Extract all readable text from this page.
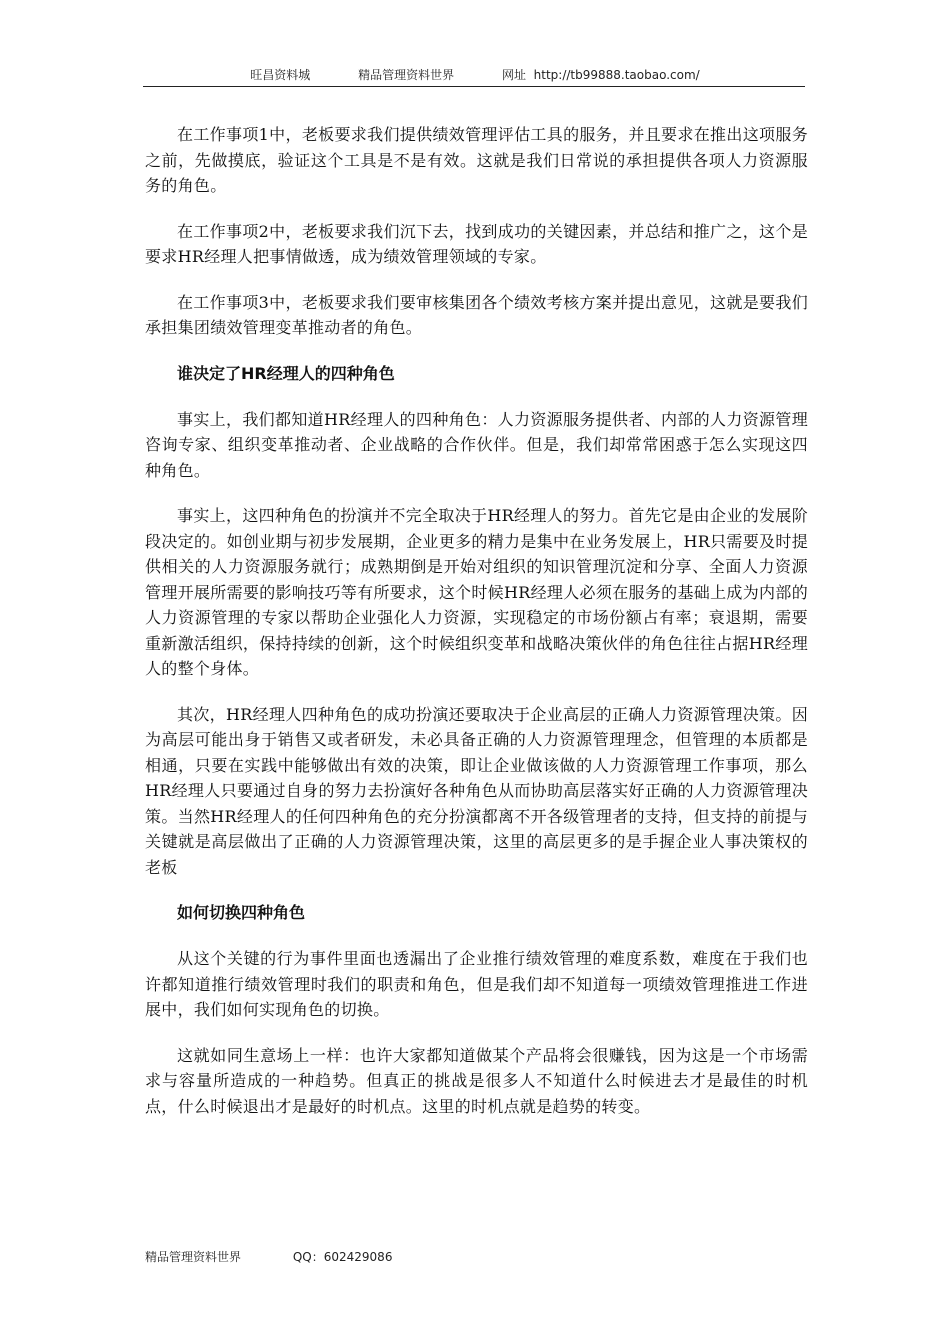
旺昌资料城	精品管理资料世界	网址 http://tb99888.taobao.com/

在工作事项1中，老板要求我们提供绩效管理评估工具的服务，并且要求在推出这项服务之前，先做摸底，验证这个工具是不是有效。这就是我们日常说的承担提供各项人力资源服务的角色。

在工作事项2中，老板要求我们沉下去，找到成功的关键因素，并总结和推广之，这个是要求HR经理人把事情做透，成为绩效管理领域的专家。

在工作事项3中，老板要求我们要审核集团各个绩效考核方案并提出意见，这就是要我们承担集团绩效管理变革推动者的角色。

谁决定了HR经理人的四种角色

事实上，我们都知道HR经理人的四种角色：人力资源服务提供者、内部的人力资源管理咨询专家、组织变革推动者、企业战略的合作伙伴。但是，我们却常常困惑于怎么实现这四种角色。

事实上，这四种角色的扮演并不完全取决于HR经理人的努力。首先它是由企业的发展阶段决定的。如创业期与初步发展期，企业更多的精力是集中在业务发展上，HR只需要及时提供相关的人力资源服务就行；成熟期倒是开始对组织的知识管理沉淀和分享、全面人力资源管理开展所需要的影响技巧等有所要求，这个时候HR经理人必须在服务的基础上成为内部的人力资源管理的专家以帮助企业强化人力资源，实现稳定的市场份额占有率；衰退期，需要重新激活组织，保持持续的创新，这个时候组织变革和战略决策伙伴的角色往往占据HR经理人的整个身体。

其次，HR经理人四种角色的成功扮演还要取决于企业高层的正确人力资源管理决策。因为高层可能出身于销售又或者研发，未必具备正确的人力资源管理理念，但管理的本质都是相通，只要在实践中能够做出有效的决策，即让企业做该做的人力资源管理工作事项，那么HR经理人只要通过自身的努力去扮演好各种角色从而协助高层落实好正确的人力资源管理决策。当然HR经理人的任何四种角色的充分扮演都离不开各级管理者的支持，但支持的前提与关键就是高层做出了正确的人力资源管理决策，这里的高层更多的是手握企业人事决策权的老板

如何切换四种角色

从这个关键的行为事件里面也透漏出了企业推行绩效管理的难度系数，难度在于我们也许都知道推行绩效管理时我们的职责和角色，但是我们却不知道每一项绩效管理推进工作进展中，我们如何实现角色的切换。

这就如同生意场上一样：也许大家都知道做某个产品将会很赚钱，因为这是一个市场需求与容量所造成的一种趋势。但真正的挑战是很多人不知道什么时候进去才是最佳的时机点，什么时候退出才是最好的时机点。这里的时机点就是趋势的转变。

精品管理资料世界	QQ：602429086
